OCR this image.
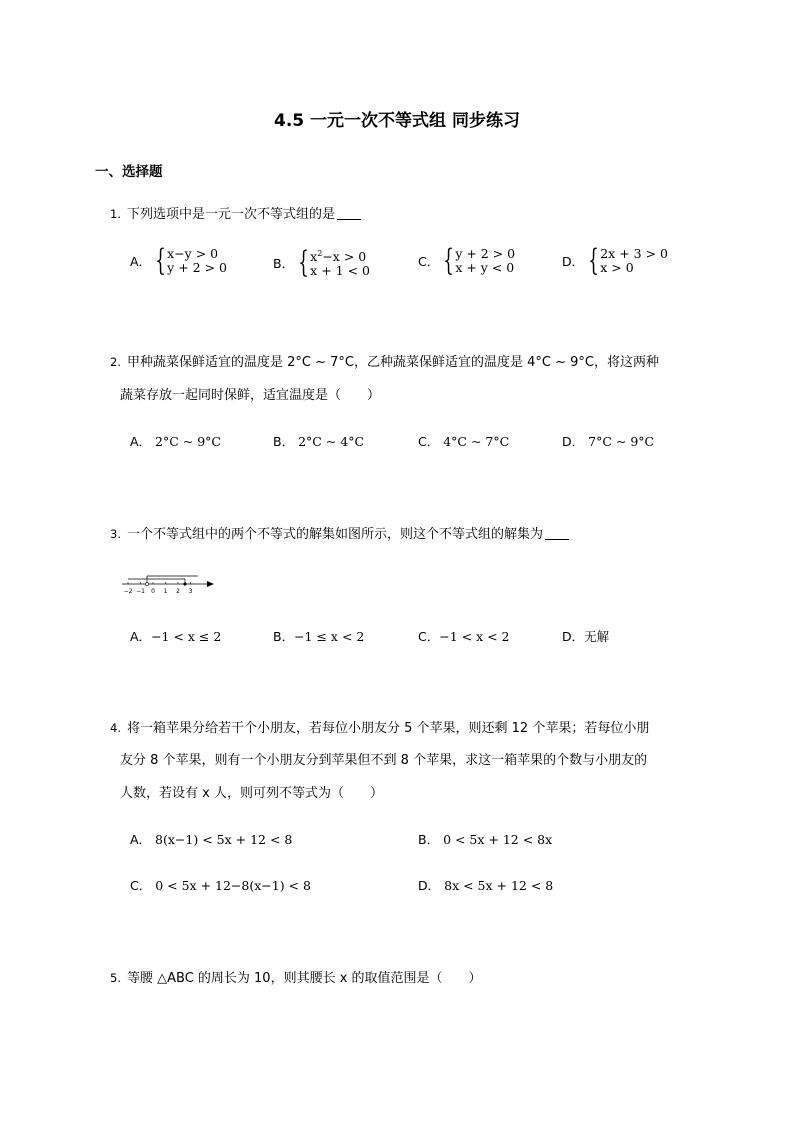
4.5 一元一次不等式组 同步练习
一、选择题
1. 下列选项中是一元一次不等式组的是
A． { x−y > 0
y + 2 > 0	B． { $x^2-x > 0$
x + 1 < 0
C． { y + 2 > 0
x + y < 0	D． { 2x + 3 > 0
x > 0
2. 甲种蔬菜保鲜适宜的温度是 2°C ~ 7°C，乙种蔬菜保鲜适宜的温度是 4°C ~ 9°C，将这两种
蔬菜存放一起同时保鲜，适宜温度是（　　）
A． 2°C ~ 9°C	B． 2°C ~ 4°C	C． 4°C ~ 7°C	D． 7°C ~ 9°C
3. 一个不等式组中的两个不等式的解集如图所示，则这个不等式组的解集为
−2 −1 0 1 2 3
A．−1 < x ≤ 2	B．−1 ≤ x < 2	C．−1 < x < 2	D．无解
4. 将一箱苹果分给若干个小朋友，若每位小朋友分 5 个苹果，则还剩 12 个苹果；若每位小朋
友分 8 个苹果，则有一个小朋友分到苹果但不到 8 个苹果，求这一箱苹果的个数与小朋友的
人数，若设有 x 人，则可列不等式为（　　）
A． 8(x−1) < 5x + 12 < 8	B． 0 < 5x + 12 < 8x
C． 0 < 5x + 12−8(x−1) < 8	D． 8x < 5x + 12 < 8
5. 等腰 △ABC 的周长为 10，则其腰长 x 的取值范围是（　　）
